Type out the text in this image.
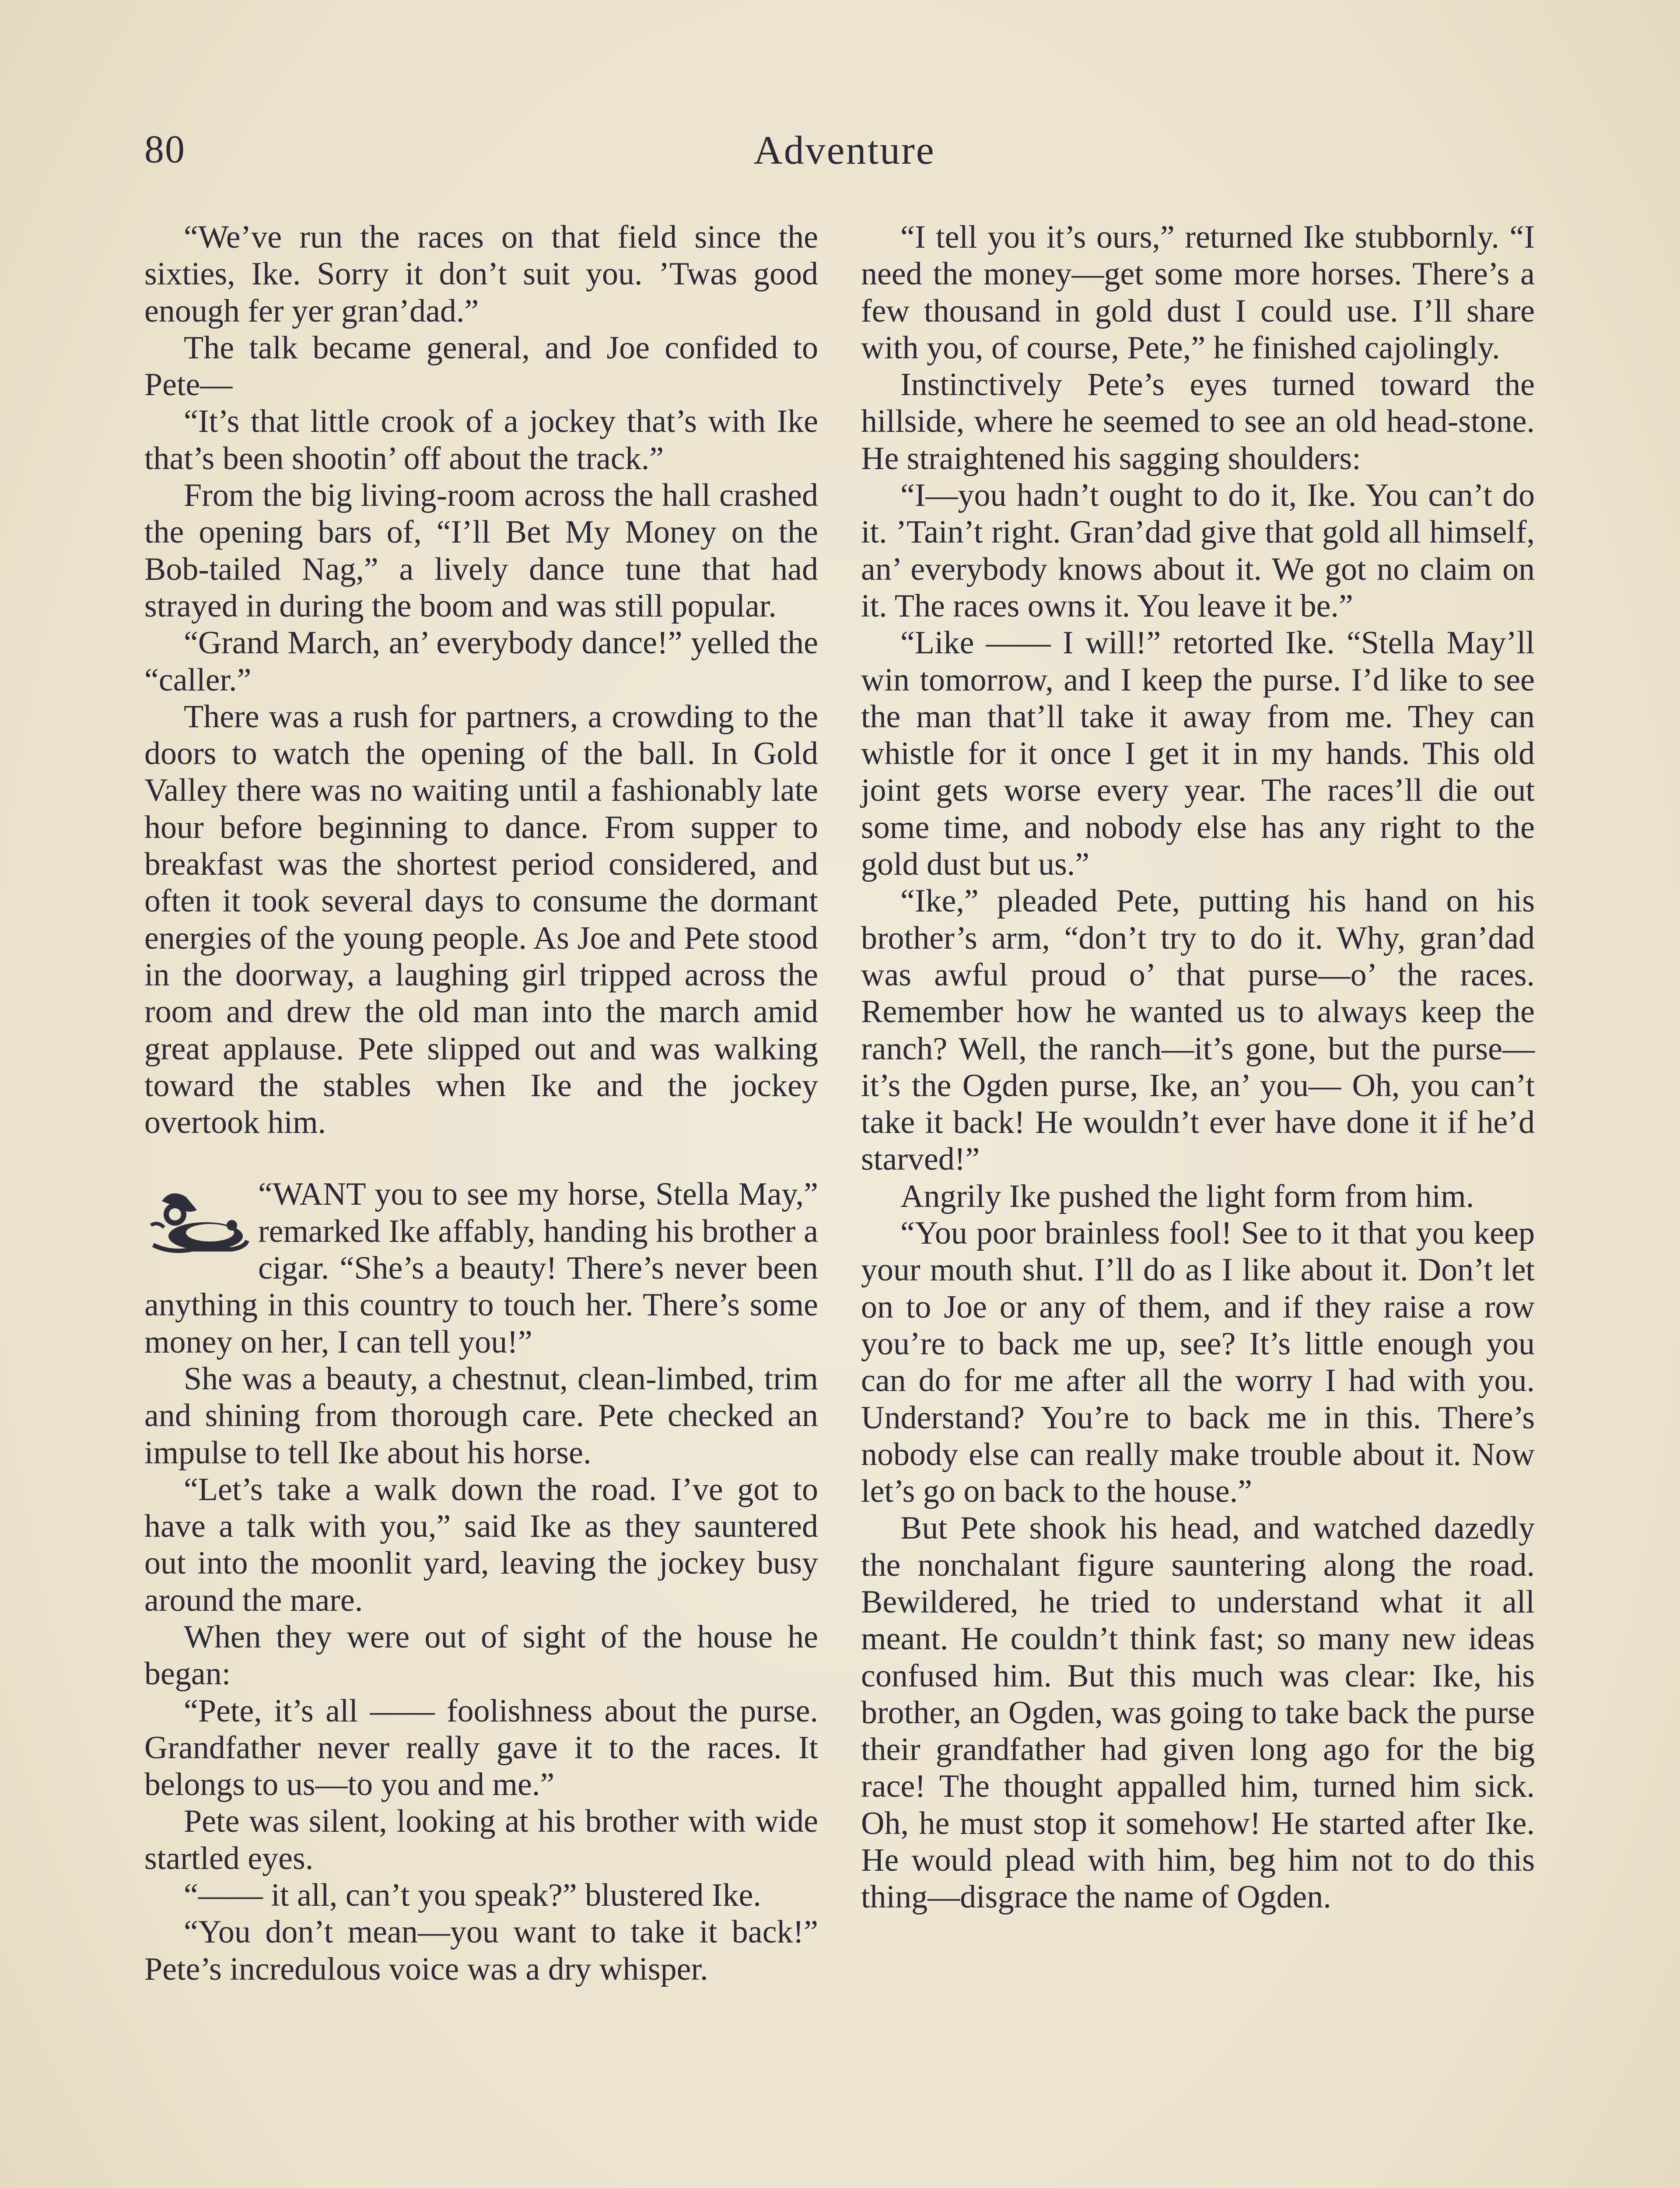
80	Adventure

“We’ve run the races on that field since the sixties, Ike. Sorry it don’t suit you. ’Twas good enough fer yer gran’dad.”

The talk became general, and Joe confided to Pete—

“It’s that little crook of a jockey that’s with Ike that’s been shootin’ off about the track.”

From the big living-room across the hall crashed the opening bars of, “I’ll Bet My Money on the Bob-tailed Nag,” a lively dance tune that had strayed in during the boom and was still popular.

“Grand March, an’ everybody dance!” yelled the “caller.”

There was a rush for partners, a crowding to the doors to watch the opening of the ball. In Gold Valley there was no waiting until a fashionably late hour before beginning to dance. From supper to breakfast was the shortest period considered, and often it took several days to consume the dormant energies of the young people. As Joe and Pete stood in the doorway, a laughing girl tripped across the room and drew the old man into the march amid great applause. Pete slipped out and was walking toward the stables when Ike and the jockey overtook him.

“WANT you to see my horse, Stella May,” remarked Ike affably, handing his brother a cigar. “She’s a beauty! There’s never been anything in this country to touch her. There’s some money on her, I can tell you!”

She was a beauty, a chestnut, clean-limbed, trim and shining from thorough care. Pete checked an impulse to tell Ike about his horse.

“Let’s take a walk down the road. I’ve got to have a talk with you,” said Ike as they sauntered out into the moonlit yard, leaving the jockey busy around the mare.

When they were out of sight of the house he began:

“Pete, it’s all —— foolishness about the purse. Grandfather never really gave it to the races. It belongs to us—to you and me.”

Pete was silent, looking at his brother with wide startled eyes.

“—— it all, can’t you speak?” blustered Ike.

“You don’t mean—you want to take it back!” Pete’s incredulous voice was a dry whisper.

“I tell you it’s ours,” returned Ike stubbornly. “I need the money—get some more horses. There’s a few thousand in gold dust I could use. I’ll share with you, of course, Pete,” he finished cajolingly.

Instinctively Pete’s eyes turned toward the hillside, where he seemed to see an old head-stone. He straightened his sagging shoulders:

“I—you hadn’t ought to do it, Ike. You can’t do it. ’Tain’t right. Gran’dad give that gold all himself, an’ everybody knows about it. We got no claim on it. The races owns it. You leave it be.”

“Like —— I will!” retorted Ike. “Stella May’ll win tomorrow, and I keep the purse. I’d like to see the man that’ll take it away from me. They can whistle for it once I get it in my hands. This old joint gets worse every year. The races’ll die out some time, and nobody else has any right to the gold dust but us.”

“Ike,” pleaded Pete, putting his hand on his brother’s arm, “don’t try to do it. Why, gran’dad was awful proud o’ that purse—o’ the races. Remember how he wanted us to always keep the ranch? Well, the ranch—it’s gone, but the purse—it’s the Ogden purse, Ike, an’ you— Oh, you can’t take it back! He wouldn’t ever have done it if he’d starved!”

Angrily Ike pushed the light form from him.

“You poor brainless fool! See to it that you keep your mouth shut. I’ll do as I like about it. Don’t let on to Joe or any of them, and if they raise a row you’re to back me up, see? It’s little enough you can do for me after all the worry I had with you. Understand? You’re to back me in this. There’s nobody else can really make trouble about it. Now let’s go on back to the house.”

But Pete shook his head, and watched dazedly the nonchalant figure sauntering along the road. Bewildered, he tried to understand what it all meant. He couldn’t think fast; so many new ideas confused him. But this much was clear: Ike, his brother, an Ogden, was going to take back the purse their grandfather had given long ago for the big race! The thought appalled him, turned him sick. Oh, he must stop it somehow! He started after Ike. He would plead with him, beg him not to do this thing—disgrace the name of Ogden.
